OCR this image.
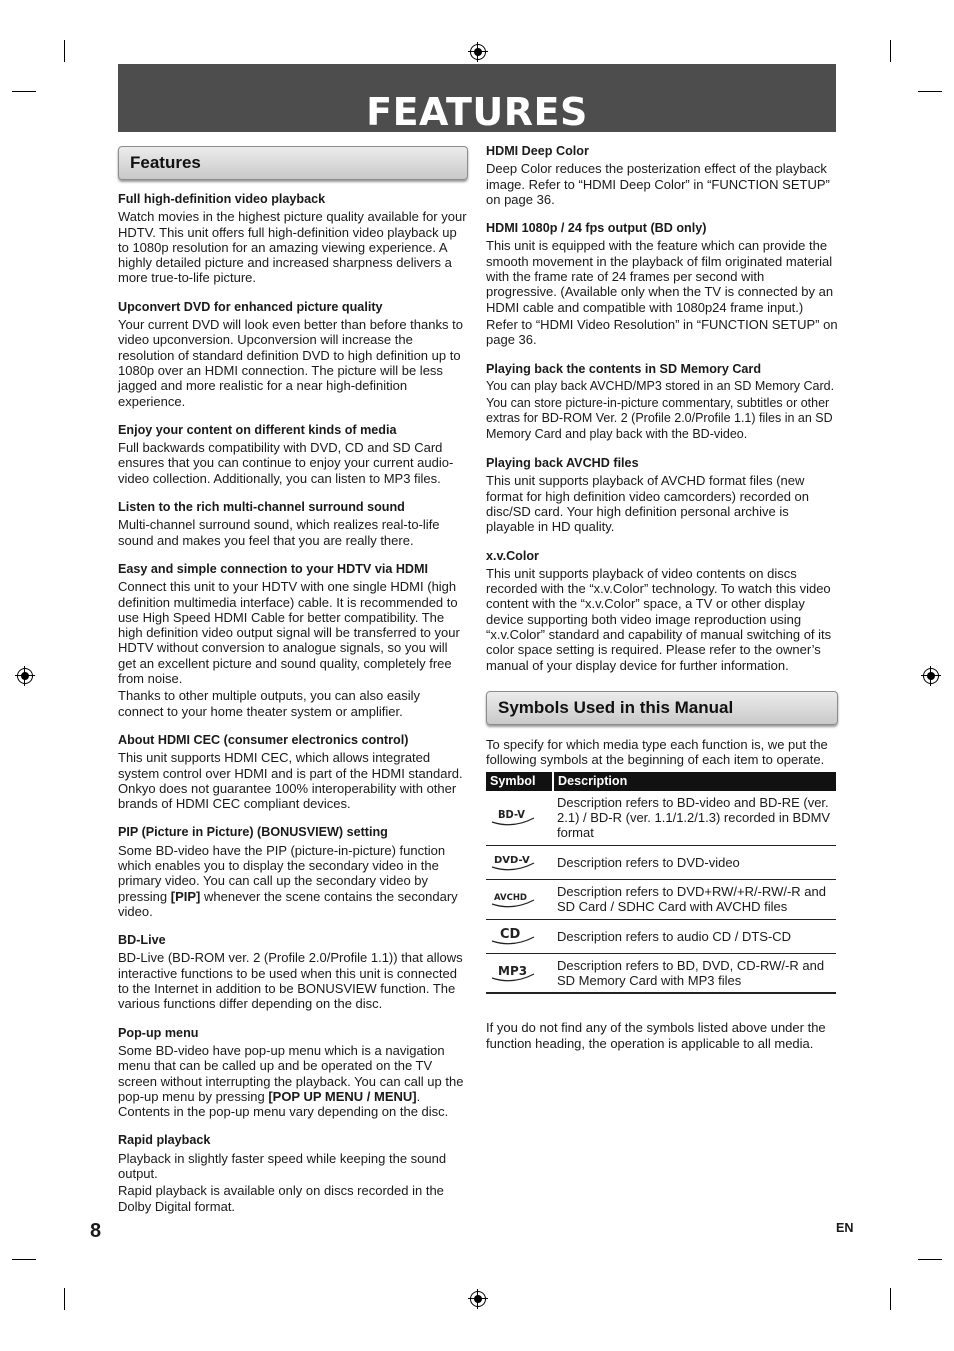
FEATURES
Features
Full high-definition video playback

Watch movies in the highest picture quality available for your HDTV. This unit offers full high-definition video playback up to 1080p resolution for an amazing viewing experience. A highly detailed picture and increased sharpness delivers a more true-to-life picture.

Upconvert DVD for enhanced picture quality

Your current DVD will look even better than before thanks to video upconversion. Upconversion will increase the resolution of standard definition DVD to high definition up to 1080p over an HDMI connection. The picture will be less jagged and more realistic for a near high-definition experience.

Enjoy your content on different kinds of media

Full backwards compatibility with DVD, CD and SD Card ensures that you can continue to enjoy your current audio-video collection. Additionally, you can listen to MP3 files.

Listen to the rich multi-channel surround sound

Multi-channel surround sound, which realizes real-to-life sound and makes you feel that you are really there.

Easy and simple connection to your HDTV via HDMI

Connect this unit to your HDTV with one single HDMI (high definition multimedia interface) cable. It is recommended to use High Speed HDMI Cable for better compatibility. The high definition video output signal will be transferred to your HDTV without conversion to analogue signals, so you will get an excellent picture and sound quality, completely free from noise.

Thanks to other multiple outputs, you can also easily connect to your home theater system or amplifier.

About HDMI CEC (consumer electronics control)

This unit supports HDMI CEC, which allows integrated system control over HDMI and is part of the HDMI standard. Onkyo does not guarantee 100% interoperability with other brands of HDMI CEC compliant devices.

PIP (Picture in Picture) (BONUSVIEW) setting

Some BD-video have the PIP (picture-in-picture) function which enables you to display the secondary video in the primary video. You can call up the secondary video by pressing [PIP] whenever the scene contains the secondary video.

BD-Live

BD-Live (BD-ROM ver. 2 (Profile 2.0/Profile 1.1)) that allows interactive functions to be used when this unit is connected to the Internet in addition to be BONUSVIEW function. The various functions differ depending on the disc.

Pop-up menu

Some BD-video have pop-up menu which is a navigation menu that can be called up and be operated on the TV screen without interrupting the playback. You can call up the pop-up menu by pressing [POP UP MENU / MENU]. Contents in the pop-up menu vary depending on the disc.

Rapid playback

Playback in slightly faster speed while keeping the sound output.

Rapid playback is available only on discs recorded in the Dolby Digital format.

HDMI Deep Color

Deep Color reduces the posterization effect of the playback image. Refer to “HDMI Deep Color” in “FUNCTION SETUP” on page 36.

HDMI 1080p / 24 fps output (BD only)

This unit is equipped with the feature which can provide the smooth movement in the playback of film originated material with the frame rate of 24 frames per second with progressive. (Available only when the TV is connected by an HDMI cable and compatible with 1080p24 frame input.)

Refer to “HDMI Video Resolution” in “FUNCTION SETUP” on page 36.

Playing back the contents in SD Memory Card

You can play back AVCHD/MP3 stored in an SD Memory Card.

You can store picture-in-picture commentary, subtitles or other extras for BD-ROM Ver. 2 (Profile 2.0/Profile 1.1) files in an SD Memory Card and play back with the BD-video.

Playing back AVCHD files

This unit supports playback of AVCHD format files (new format for high definition video camcorders) recorded on disc/SD card. Your high definition personal archive is playable in HD quality.

x.v.Color

This unit supports playback of video contents on discs recorded with the “x.v.Color” technology. To watch this video content with the “x.v.Color” space, a TV or other display device supporting both video image reproduction using “x.v.Color” standard and capability of manual switching of its color space setting is required. Please refer to the owner’s manual of your display device for further information.

Symbols Used in this Manual

To specify for which media type each function is, we put the following symbols at the beginning of each item to operate.

Symbol	Description

BD-V	Description refers to BD-video and BD-RE (ver. 2.1) / BD-R (ver. 1.1/1.2/1.3) recorded in BDMV format

DVD-V	Description refers to DVD-video

AVCHD	Description refers to DVD+RW/+R/-RW/-R and SD Card / SDHC Card with AVCHD files

CD	Description refers to audio CD / DTS-CD

MP3	Description refers to BD, DVD, CD-RW/-R and SD Memory Card with MP3 files

If you do not find any of the symbols listed above under the function heading, the operation is applicable to all media.

8	EN
